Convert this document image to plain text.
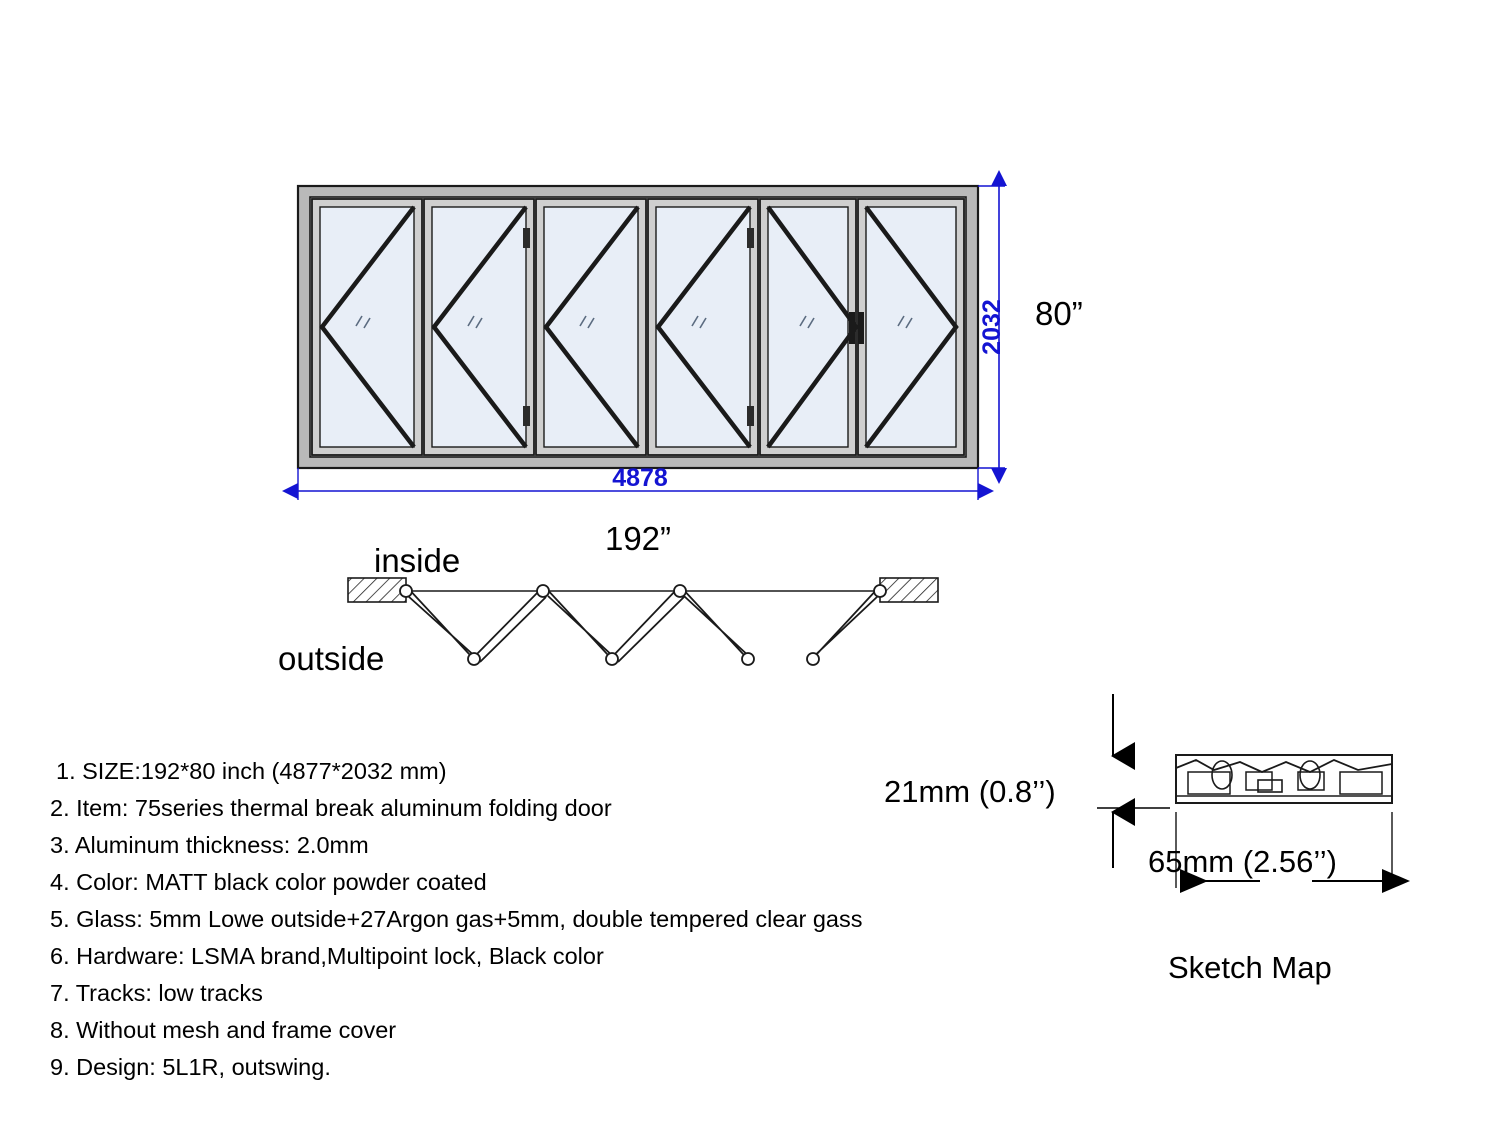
2032
4878
80”
192”
inside
outside
21mm (0.8’’)
65mm (2.56’’)
Sketch Map
1. SIZE:192*80 inch (4877*2032 mm)
2. Item: 75series thermal break aluminum folding door
3. Aluminum thickness: 2.0mm
4. Color: MATT black color powder coated
5. Glass: 5mm Lowe outside+27Argon gas+5mm, double tempered clear gass
6. Hardware: LSMA brand,Multipoint lock, Black color
7. Tracks: low tracks
8. Without mesh and frame cover
9. Design: 5L1R, outswing.
